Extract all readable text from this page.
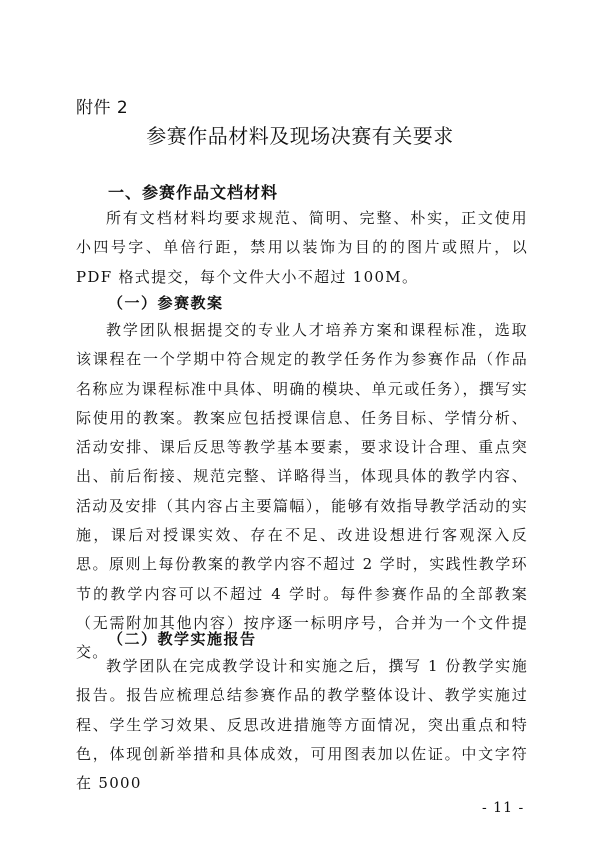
附件 2
参赛作品材料及现场决赛有关要求
一、参赛作品文档材料

所有文档材料均要求规范、简明、完整、朴实，正文使用小四号字、单倍行距，禁用以装饰为目的的图片或照片，以 PDF 格式提交，每个文件大小不超过 100M。

（一）参赛教案

教学团队根据提交的专业人才培养方案和课程标准，选取该课程在一个学期中符合规定的教学任务作为参赛作品（作品名称应为课程标准中具体、明确的模块、单元或任务），撰写实际使用的教案。教案应包括授课信息、任务目标、学情分析、活动安排、课后反思等教学基本要素，要求设计合理、重点突出、前后衔接、规范完整、详略得当，体现具体的教学内容、活动及安排（其内容占主要篇幅），能够有效指导教学活动的实施，课后对授课实效、存在不足、改进设想进行客观深入反思。原则上每份教案的教学内容不超过 2 学时，实践性教学环节的教学内容可以不超过 4 学时。每件参赛作品的全部教案（无需附加其他内容）按序逐一标明序号，合并为一个文件提交。

（二）教学实施报告

教学团队在完成教学设计和实施之后，撰写 1 份教学实施报告。报告应梳理总结参赛作品的教学整体设计、教学实施过程、学生学习效果、反思改进措施等方面情况，突出重点和特色，体现创新举措和具体成效，可用图表加以佐证。中文字符在 5000

- 11 -
